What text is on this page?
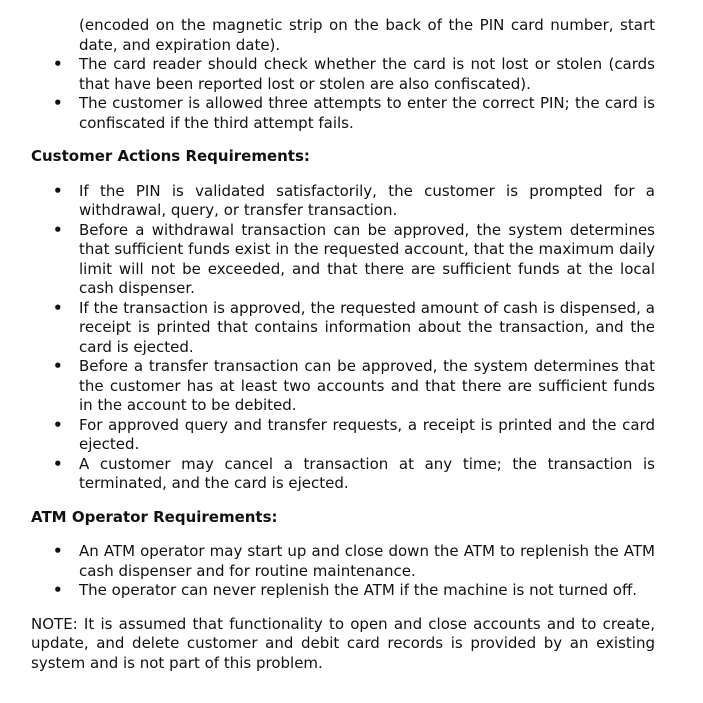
(encoded on the magnetic strip on the back of the PIN card number, start date, and expiration date).
• The card reader should check whether the card is not lost or stolen (cards that have been reported lost or stolen are also confiscated).
• The customer is allowed three attempts to enter the correct PIN; the card is confiscated if the third attempt fails.
Customer Actions Requirements:
• If the PIN is validated satisfactorily, the customer is prompted for a withdrawal, query, or transfer transaction.
• Before a withdrawal transaction can be approved, the system determines that sufficient funds exist in the requested account, that the maximum daily limit will not be exceeded, and that there are sufficient funds at the local cash dispenser.
• If the transaction is approved, the requested amount of cash is dispensed, a receipt is printed that contains information about the transaction, and the card is ejected.
• Before a transfer transaction can be approved, the system determines that the customer has at least two accounts and that there are sufficient funds in the account to be debited.
• For approved query and transfer requests, a receipt is printed and the card ejected.
• A customer may cancel a transaction at any time; the transaction is terminated, and the card is ejected.
ATM Operator Requirements:
• An ATM operator may start up and close down the ATM to replenish the ATM cash dispenser and for routine maintenance.
• The operator can never replenish the ATM if the machine is not turned off.
NOTE: It is assumed that functionality to open and close accounts and to create, update, and delete customer and debit card records is provided by an existing system and is not part of this problem.
